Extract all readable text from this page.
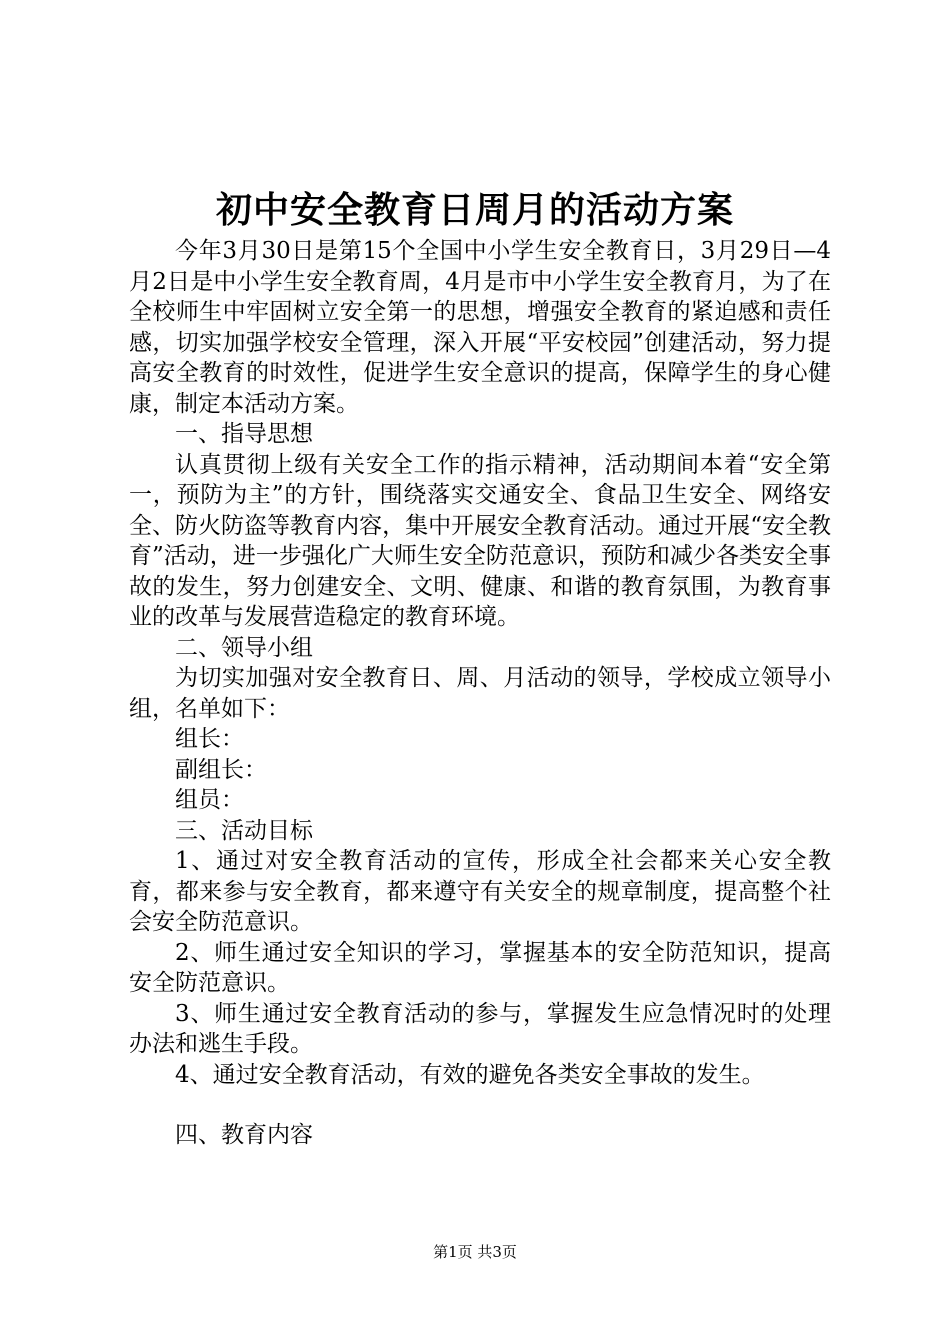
初中安全教育日周月的活动方案

今年3月30日是第15个全国中小学生安全教育日，3月29日—4月2日是中小学生安全教育周，4月是市中小学生安全教育月，为了在全校师生中牢固树立安全第一的思想，增强安全教育的紧迫感和责任感，切实加强学校安全管理，深入开展“平安校园”创建活动，努力提高安全教育的时效性，促进学生安全意识的提高，保障学生的身心健康，制定本活动方案。

一、指导思想

认真贯彻上级有关安全工作的指示精神，活动期间本着“安全第一，预防为主”的方针，围绕落实交通安全、食品卫生安全、网络安全、防火防盗等教育内容，集中开展安全教育活动。通过开展“安全教育”活动，进一步强化广大师生安全防范意识，预防和减少各类安全事故的发生，努力创建安全、文明、健康、和谐的教育氛围，为教育事业的改革与发展营造稳定的教育环境。

二、领导小组

为切实加强对安全教育日、周、月活动的领导，学校成立领导小组，名单如下：

组长：

副组长：

组员：

三、活动目标

1、通过对安全教育活动的宣传，形成全社会都来关心安全教育，都来参与安全教育，都来遵守有关安全的规章制度，提高整个社会安全防范意识。

2、师生通过安全知识的学习，掌握基本的安全防范知识，提高安全防范意识。

3、师生通过安全教育活动的参与，掌握发生应急情况时的处理办法和逃生手段。

4、通过安全教育活动，有效的避免各类安全事故的发生。

四、教育内容

第1页 共3页
